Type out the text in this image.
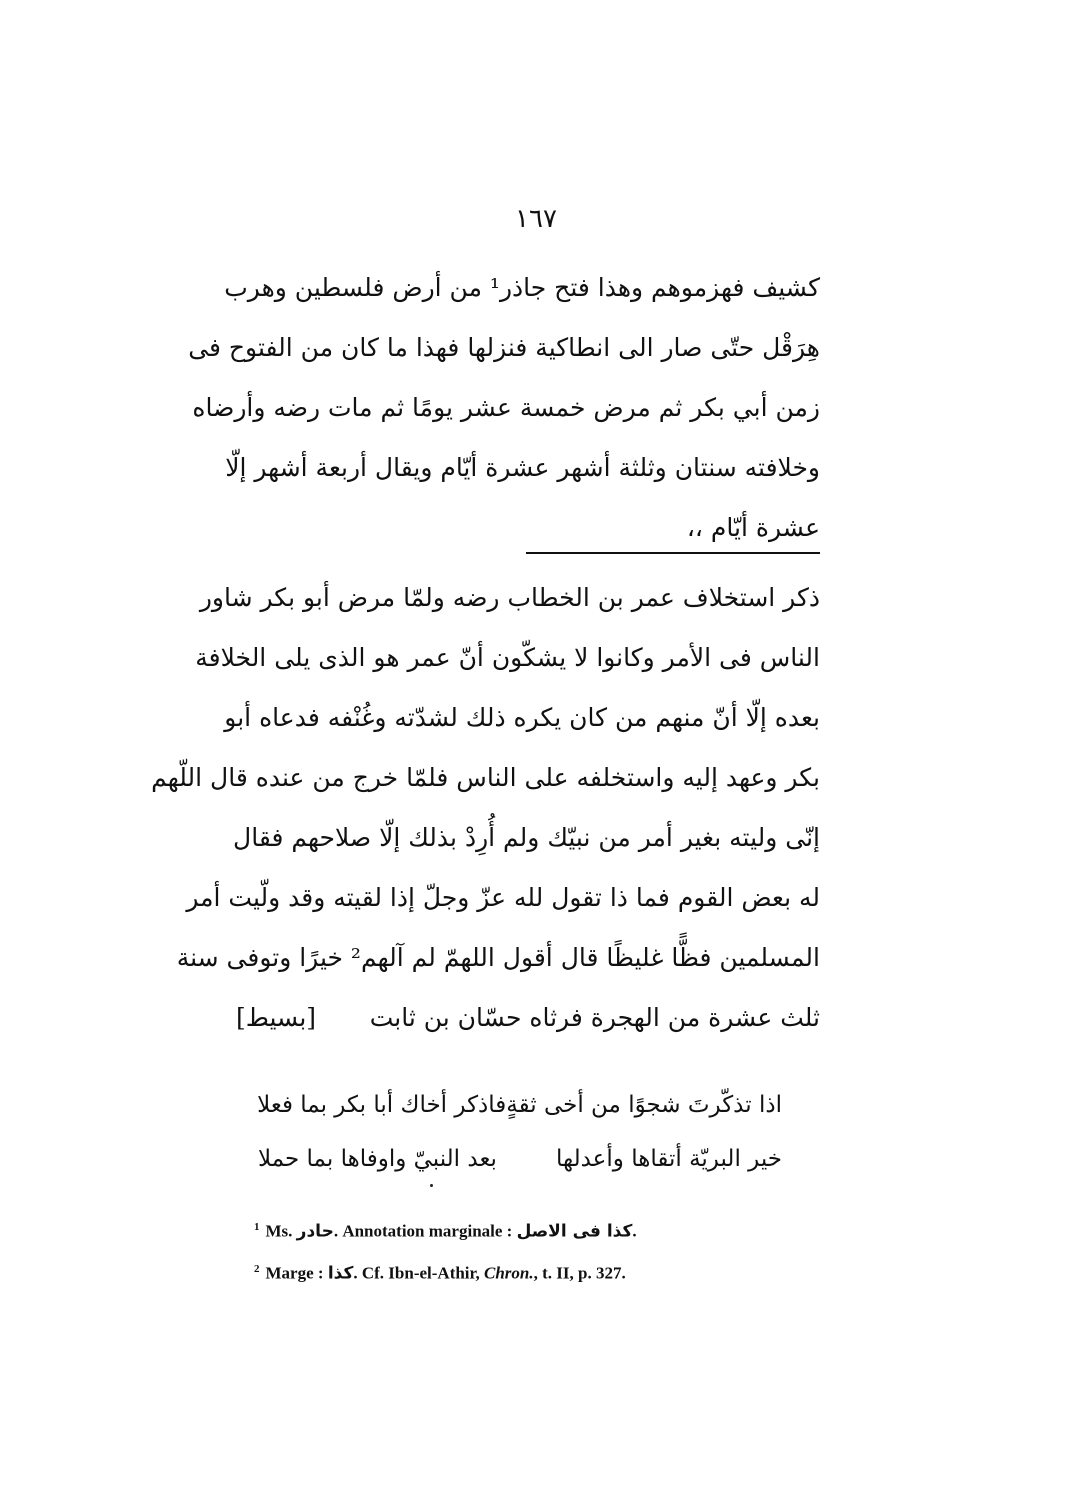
١٦٧
كشيف فهزموهم وهذا فتح جاذر¹ من أرض فلسطين وهرب
هِرَقْل حتّى صار الى انطاكية فنزلها فهذا ما كان من الفتوح فى
زمن أبي بكر ثم مرض خمسة عشر يومًا ثم مات رضه وأرضاه
وخلافته سنتان وثلثة أشهر عشرة أيّام ويقال أربعة أشهر إلّا
عشرة أيّام ،،
ذكر استخلاف عمر بن الخطاب رضه ولمّا مرض أبو بكر شاور
الناس فى الأمر وكانوا لا يشكّون أنّ عمر هو الذى يلى الخلافة
بعده إلّا أنّ منهم من كان يكره ذلك لشدّته وغُنْفه فدعاه أبو
بكر وعهد إليه واستخلفه على الناس فلمّا خرج من عنده قال اللّهم
إنّى وليته بغير أمر من نبيّك ولم أُرِدْ بذلك إلّا صلاحهم فقال
له بعض القوم فما ذا تقول لله عزّ وجلّ إذا لقيته وقد ولّيت أمر
المسلمين فظًّا غليظًا قال أقول اللهمّ لم آلهم² خيرًا وتوفى سنة
ثلث عشرة من الهجرة فرثاه حسّان بن ثابت
[بسيط]
اذا تذكّرتَ شجوًا من أخى ثقةٍ
فاذكر أخاك أبا بكر بما فعلا
خير البريّة أتقاها وأعدلها
بعد النبيّ واوفاها بما حملا
$^1$ Ms. حادر. Annotation marginale : كذا فى الاصل.
$^2$ Marge : كذا. Cf. Ibn-el-Athir, Chron., t. II, p. 327.
